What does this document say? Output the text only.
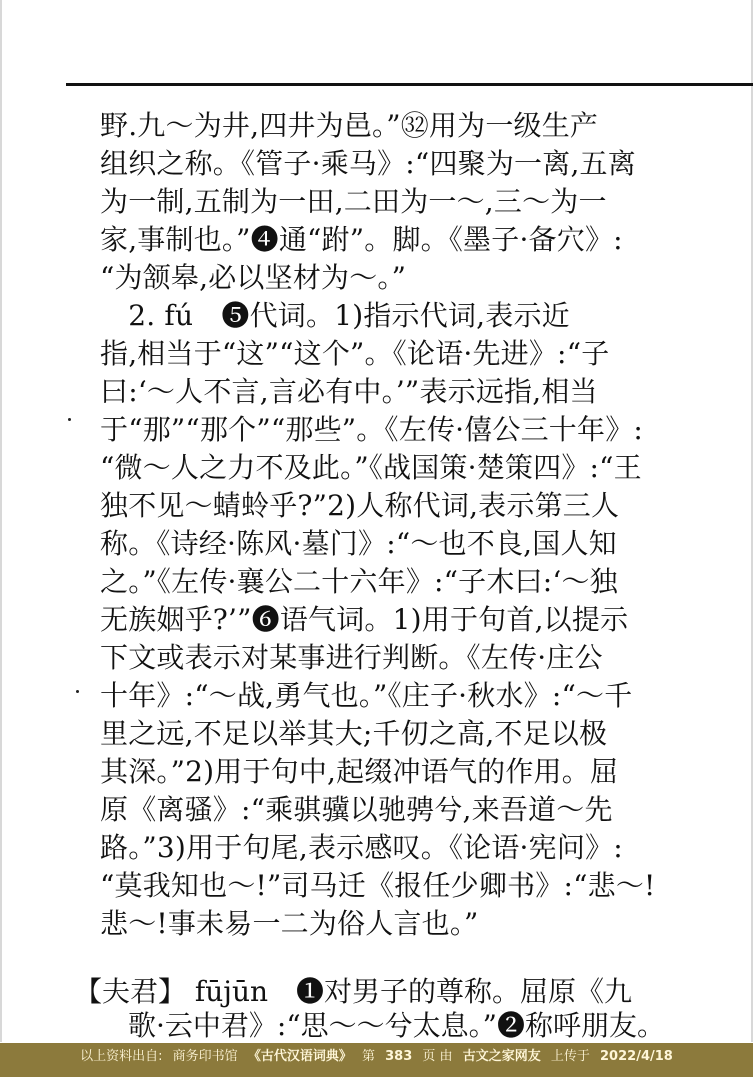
野.九～为井,四井为邑。”㉜用为一级生产
组织之称。《管子·乘马》:“四聚为一离,五离
为一制,五制为一田,二田为一～,三～为一
家,事制也。”❹通“跗”。脚。《墨子·备穴》:
“为颔皋,必以坚材为～。”
　2. fú　❺代词。1)指示代词,表示近
指,相当于“这”“这个”。《论语·先进》:“子
曰:‘～人不言,言必有中。’”表示远指,相当
于“那”“那个”“那些”。《左传·僖公三十年》:
“微～人之力不及此。”《战国策·楚策四》:“王
独不见～蜻蛉乎?”2)人称代词,表示第三人
称。《诗经·陈风·墓门》:“～也不良,国人知
之。”《左传·襄公二十六年》:“子木曰:‘～独
无族姻乎?’”❻语气词。1)用于句首,以提示
下文或表示对某事进行判断。《左传·庄公
十年》:“～战,勇气也。”《庄子·秋水》:“～千
里之远,不足以举其大;千仞之高,不足以极
其深。”2)用于句中,起缀冲语气的作用。屈
原《离骚》:“乘骐骥以驰骋兮,来吾道～先
路。”3)用于句尾,表示感叹。《论语·宪问》:
“莫我知也～!”司马迁《报任少卿书》:“悲～!
悲～!事未易一二为俗人言也。”
【夫君】 fūjūn　❶对男子的尊称。屈原《九
　歌·云中君》:“思～～兮太息。”❷称呼朋友。
以上资料出自: 商务印书馆 《古代汉语词典》 第 383 页 由 古文之家网友 上传于 2022/4/18
